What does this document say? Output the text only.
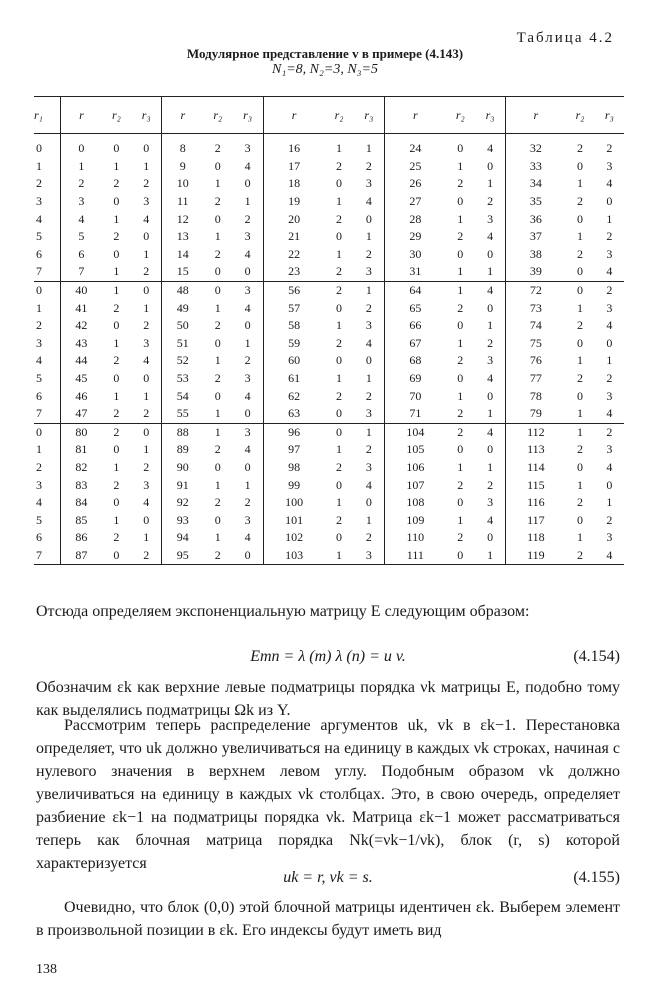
Таблица 4.2
Модулярное представление v в примере (4.143)
N₁=8, N₂=3, N₃=5
r₁	r	r₂	r₃	r	r₂	r₃	r	r₂	r₃	r	r₂	r₃	r	r₂	r₃
0	0	0	0	8	2	3	16	1	1	24	0	4	32	2	2
1	1	1	1	9	0	4	17	2	2	25	1	0	33	0	3
2	2	2	2	10	1	0	18	0	3	26	2	1	34	1	4
3	3	0	3	11	2	1	19	1	4	27	0	2	35	2	0
4	4	1	4	12	0	2	20	2	0	28	1	3	36	0	1
5	5	2	0	13	1	3	21	0	1	29	2	4	37	1	2
6	6	0	1	14	2	4	22	1	2	30	0	0	38	2	3
7	7	1	2	15	0	0	23	2	3	31	1	1	39	0	4
0	40	1	0	48	0	3	56	2	1	64	1	4	72	0	2
1	41	2	1	49	1	4	57	0	2	65	2	0	73	1	3
2	42	0	2	50	2	0	58	1	3	66	0	1	74	2	4
3	43	1	3	51	0	1	59	2	4	67	1	2	75	0	0
4	44	2	4	52	1	2	60	0	0	68	2	3	76	1	1
5	45	0	0	53	2	3	61	1	1	69	0	4	77	2	2
6	46	1	1	54	0	4	62	2	2	70	1	0	78	0	3
7	47	2	2	55	1	0	63	0	3	71	2	1	79	1	4
0	80	2	0	88	1	3	96	0	1	104	2	4	112	1	2
1	81	0	1	89	2	4	97	1	2	105	0	0	113	2	3
2	82	1	2	90	0	0	98	2	3	106	1	1	114	0	4
3	83	2	3	91	1	1	99	0	4	107	2	2	115	1	0
4	84	0	4	92	2	2	100	1	0	108	0	3	116	2	1
5	85	1	0	93	0	3	101	2	1	109	1	4	117	0	2
6	86	2	1	94	1	4	102	0	2	110	2	0	118	1	3
7	87	0	2	95	2	0	103	1	3	111	0	1	119	2	4

Отсюда определяем экспоненциальную матрицу E следующим образом:

Emn = λ (m) λ (n) = u v.	(4.154)

Обозначим εk как верхние левые подматрицы порядка νk матрицы E, подобно тому как выделялись подматрицы Ωk из Y.

Рассмотрим теперь распределение аргументов uk, vk в εk−1. Перестановка определяет, что uk должно увеличиваться на единицу в каждых νk строках, начиная с нулевого значения в верхнем левом углу. Подобным образом νk должно увеличиваться на единицу в каждых νk столбцах. Это, в свою очередь, определяет разбиение εk−1 на подматрицы порядка νk. Матрица εk−1 может рассматриваться теперь как блочная матрица порядка Nk(=νk−1/νk), блок (r, s) которой характеризуется

uk = r, vk = s.	(4.155)

Очевидно, что блок (0,0) этой блочной матрицы идентичен εk. Выберем элемент в произвольной позиции в εk. Его индексы будут иметь вид

138
